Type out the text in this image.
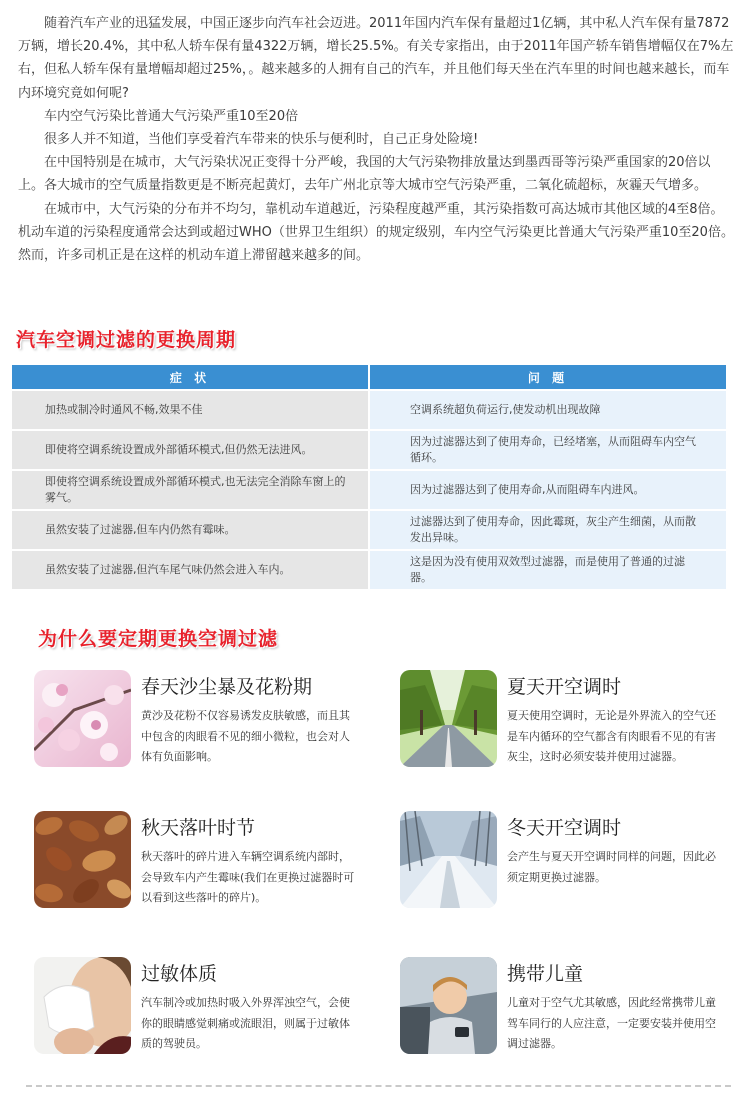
随着汽车产业的迅猛发展，中国正逐步向汽车社会迈进。2011年国内汽车保有量超过1亿辆，其中私人汽车保有量7872万辆，增长20.4%，其中私人轿车保有量4322万辆，增长25.5%。有关专家指出，由于2011年国产轿车销售增幅仅在7%左右，但私人轿车保有量增幅却超过25%，。越来越多的人拥有自己的汽车，并且他们每天坐在汽车里的时间也越来越长，而车内环境究竟如何呢?

车内空气污染比普通大气污染严重10至20倍

很多人并不知道，当他们享受着汽车带来的快乐与便利时，自己正身处险境!

在中国特别是在城市，大气污染状况正变得十分严峻，我国的大气污染物排放量达到墨西哥等污染严重国家的20倍以上。各大城市的空气质量指数更是不断亮起黄灯，去年广州北京等大城市空气污染严重，二氧化硫超标，灰霾天气增多。

在城市中，大气污染的分布并不均匀，靠机动车道越近，污染程度越严重，其污染指数可高达城市其他区域的4至8倍。机动车道的污染程度通常会达到或超过WHO（世界卫生组织）的规定级别，车内空气污染更比普通大气污染严重10至20倍。然而，许多司机正是在这样的机动车道上滞留越来越多的间。

汽车空调过滤的更换周期
症 状	问 题
加热或制冷时通风不畅,效果不佳	空调系统超负荷运行,使发动机出现故障
即使将空调系统设置成外部循环模式,但仍然无法进风。
因为过滤器达到了使用寿命，已经堵塞，从而阻碍车内空气循环。
即使将空调系统设置成外部循环模式,也无法完全消除车窗上的雾气。
因为过滤器达到了使用寿命,从而阻碍车内进风。
虽然安装了过滤器,但车内仍然有霉味。
过滤器达到了使用寿命，因此霉斑，灰尘产生细菌，从而散发出异味。
虽然安装了过滤器,但汽车尾气味仍然会进入车内。
这是因为没有使用双效型过滤器，而是使用了普通的过滤器。
为什么要定期更换空调过滤
春天沙尘暴及花粉期
黄沙及花粉不仅容易诱发皮肤敏感，而且其中包含的肉眼看不见的细小微粒，也会对人体有负面影响。
夏天开空调时
夏天使用空调时，无论是外界流入的空气还是车内循环的空气都含有肉眼看不见的有害灰尘，这时必须安装并使用过滤器。
秋天落叶时节
秋天落叶的碎片进入车辆空调系统内部时，会导致车内产生霉味(我们在更换过滤器时可以看到这些落叶的碎片)。
冬天开空调时
会产生与夏天开空调时同样的问题，因此必须定期更换过滤器。
过敏体质
汽车制冷或加热时吸入外界浑浊空气，会使你的眼睛感觉刺痛或流眼泪，则属于过敏体质的驾驶员。
携带儿童
儿童对于空气尤其敏感，因此经常携带儿童驾车同行的人应注意，一定要安装并使用空调过滤器。
